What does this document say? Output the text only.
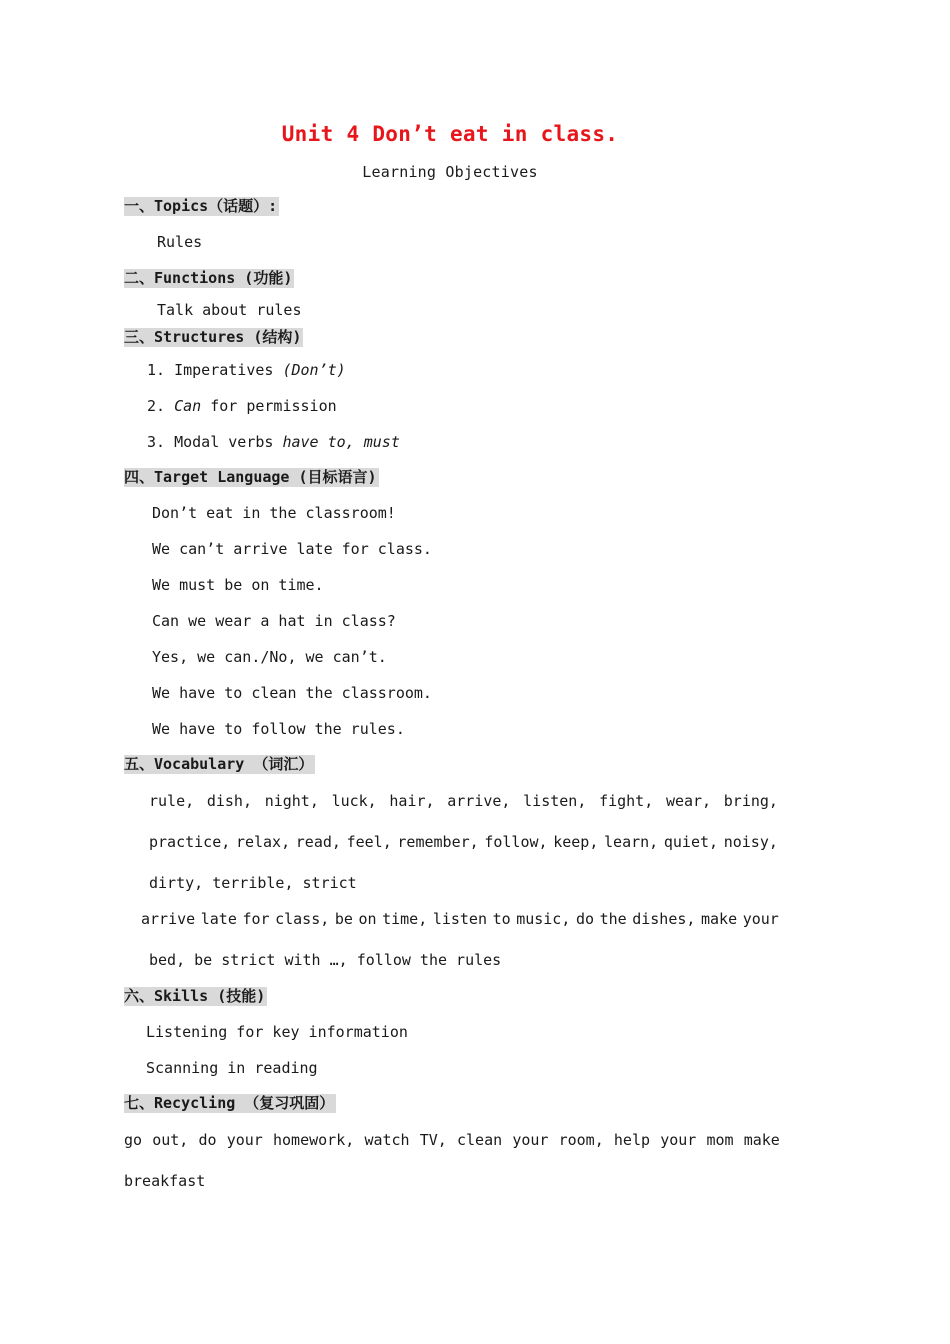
Unit 4 Don’t eat in class.
Learning Objectives
一、Topics（话题）:
Rules
二、Functions (功能)
Talk about rules
三、Structures (结构)
1. Imperatives (Don’t)
2. Can for permission
3. Modal verbs have to, must
四、Target Language (目标语言)
Don’t eat in the classroom!
We can’t arrive late for class.
We must be on time.
Can we wear a hat in class?
Yes, we can./No, we can’t.
We have to clean the classroom.
We have to follow the rules.
五、Vocabulary （词汇）
rule, dish, night, luck, hair, arrive, listen, fight, wear, bring,
practice, relax, read, feel, remember, follow, keep, learn, quiet, noisy,
dirty, terrible, strict
arrive late for class, be on time, listen to music, do the dishes, make your
bed, be strict with …, follow the rules
六、Skills (技能)
Listening for key information
Scanning in reading
七、Recycling （复习巩固）
go out, do your homework, watch TV, clean your room, help your mom make
breakfast
